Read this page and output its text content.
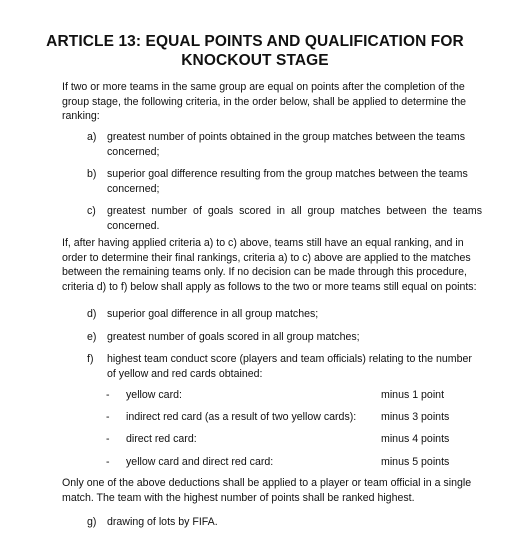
ARTICLE 13: EQUAL POINTS AND QUALIFICATION FOR
KNOCKOUT STAGE

If two or more teams in the same group are equal on points after the completion of the group stage, the following criteria, in the order below, shall be applied to determine the ranking:

a) greatest number of points obtained in the group matches between the teams concerned;
b) superior goal difference resulting from the group matches between the teams concerned;
c) greatest number of goals scored in all group matches between the teams concerned.

If, after having applied criteria a) to c) above, teams still have an equal ranking, and in order to determine their final rankings, criteria a) to c) above are applied to the matches between the remaining teams only. If no decision can be made through this procedure, criteria d) to f) below shall apply as follows to the two or more teams still equal on points:

d) superior goal difference in all group matches;
e) greatest number of goals scored in all group matches;
f) highest team conduct score (players and team officials) relating to the number of yellow and red cards obtained:
- yellow card:	minus 1 point
- indirect red card (as a result of two yellow cards): minus 3 points
- direct red card:	minus 4 points
- yellow card and direct red card:	minus 5 points

Only one of the above deductions shall be applied to a player or team official in a single match. The team with the highest number of points shall be ranked highest.

g) drawing of lots by FIFA.
